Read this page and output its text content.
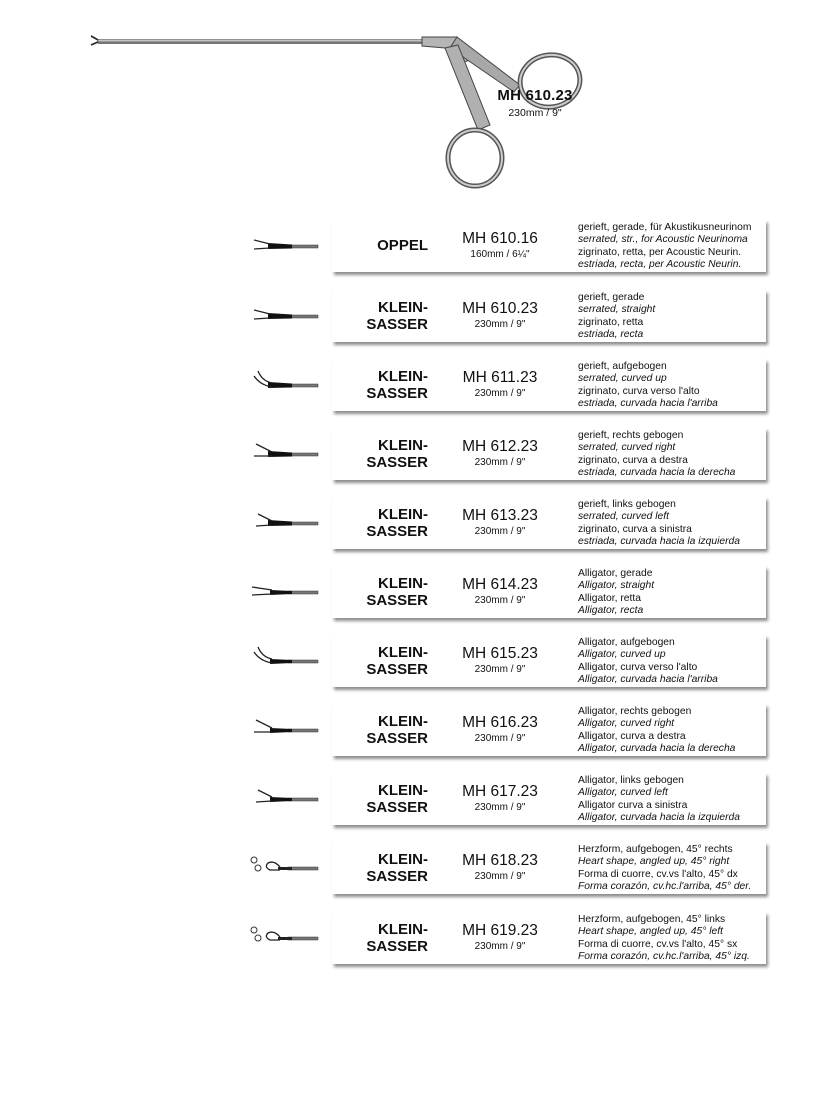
MH 610.23
230mm / 9"
OPPEL	MH 610.16
160mm / 6¼"
gerieft, gerade, für Akustikusneurinom
serrated, str., for Acoustic Neurinoma
zigrinato, retta, per Acoustic Neurin.
estriada, recta, per Acoustic Neurin.
KLEIN-
SASSER
MH 610.23
230mm / 9"
gerieft, gerade
serrated, straight
zigrinato, retta
estriada, recta
KLEIN-
SASSER
MH 611.23
230mm / 9"
gerieft, aufgebogen
serrated, curved up
zigrinato, curva verso l'alto
estriada, curvada hacia l'arriba
KLEIN-
SASSER
MH 612.23
230mm / 9"
gerieft, rechts gebogen
serrated, curved right
zigrinato, curva a destra
estriada, curvada hacia la derecha
KLEIN-
SASSER
MH 613.23
230mm / 9"
gerieft, links gebogen
serrated, curved left
zigrinato, curva a sinistra
estriada, curvada hacia la izquierda
KLEIN-
SASSER
MH 614.23
230mm / 9"
Alligator, gerade
Alligator, straight
Alligator, retta
Alligator, recta
KLEIN-
SASSER
MH 615.23
230mm / 9"
Alligator, aufgebogen
Alligator, curved up
Alligator, curva verso l'alto
Alligator, curvada hacia l'arriba
KLEIN-
SASSER
MH 616.23
230mm / 9"
Alligator, rechts gebogen
Alligator, curved right
Alligator, curva a destra
Alligator, curvada hacia la derecha
KLEIN-
SASSER
MH 617.23
230mm / 9"
Alligator, links gebogen
Alligator, curved left
Alligator curva a sinistra
Alligator, curvada hacia la izquierda
KLEIN-
SASSER
MH 618.23
230mm / 9"
Herzform, aufgebogen, 45° rechts
Heart shape, angled up, 45° right
Forma di cuorre, cv.vs l'alto, 45° dx
Forma corazón, cv.hc.l'arriba, 45° der.
KLEIN-
SASSER
MH 619.23
230mm / 9"
Herzform, aufgebogen, 45° links
Heart shape, angled up, 45° left
Forma di cuorre, cv.vs l'alto, 45° sx
Forma corazón, cv.hc.l'arriba, 45° izq.
